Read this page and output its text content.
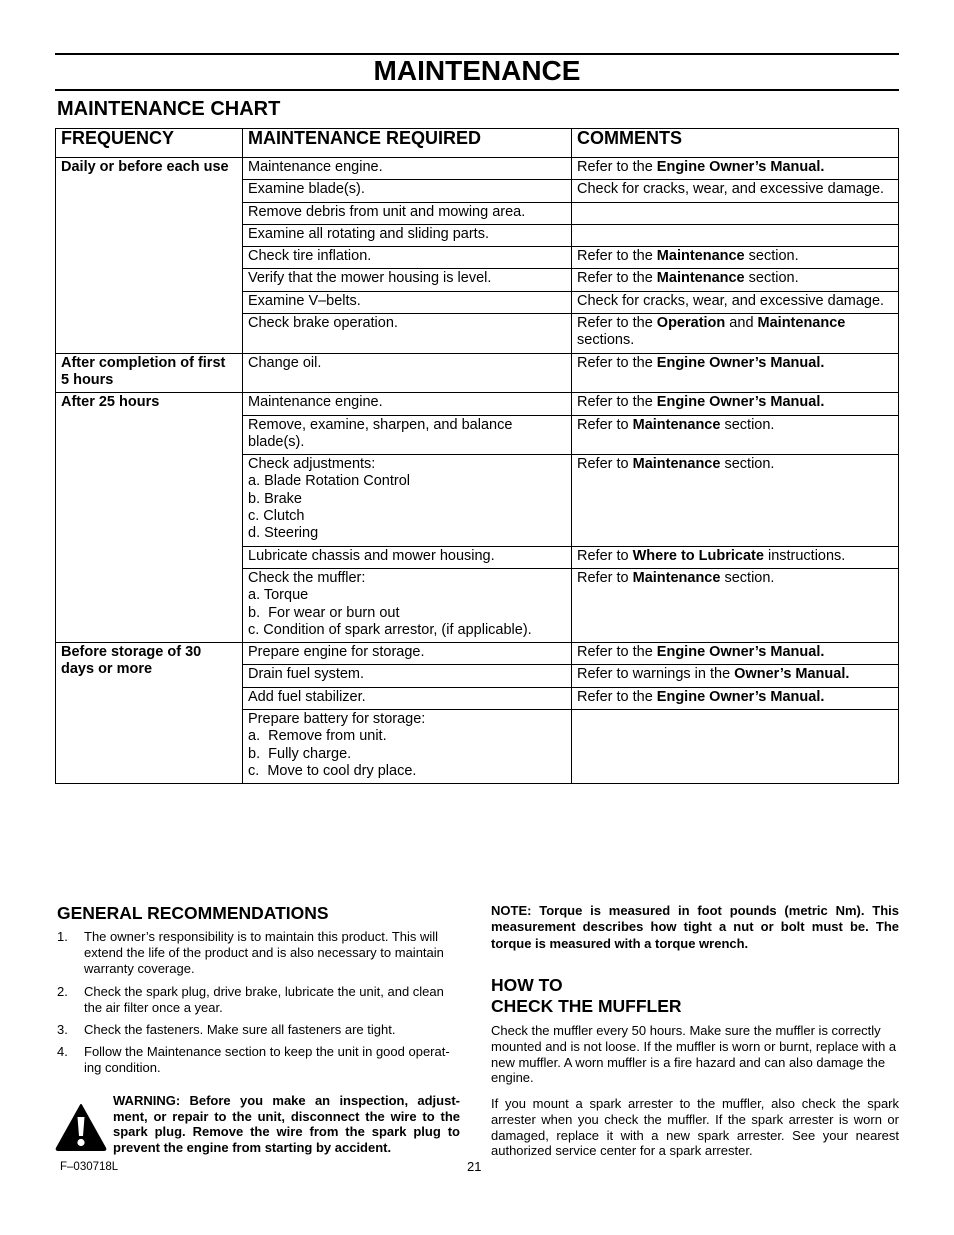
MAINTENANCE
MAINTENANCE CHART
FREQUENCY	MAINTENANCE REQUIRED	COMMENTS
Daily or before each use	Maintenance engine.	Refer to the Engine Owner’s Manual.
	Examine blade(s).	Check for cracks, wear, and excessive damage.
	Remove debris from unit and mowing area.	
	Examine all rotating and sliding parts.	
	Check tire inflation.	Refer to the Maintenance section.
	Verify that the mower housing is level.	Refer to the Maintenance section.
	Examine V–belts.	Check for cracks, wear, and excessive damage.
	Check brake operation.	Refer to the Operation and Maintenance sections.
After completion of first 5 hours	Change oil.	Refer to the Engine Owner’s Manual.
After 25 hours	Maintenance engine.	Refer to the Engine Owner’s Manual.
	Remove, examine, sharpen, and balance blade(s).	Refer to Maintenance section.
	Check adjustments:
a. Blade Rotation Control
b. Brake
c. Clutch
d. Steering	Refer to Maintenance section.
	Lubricate chassis and mower housing.	Refer to Where to Lubricate instructions.
	Check the muffler:
a. Torque
b.  For wear or burn out
c. Condition of spark arrestor, (if applicable).	Refer to Maintenance section.
Before storage of 30 days or more	Prepare engine for storage.	Refer to the Engine Owner’s Manual.
	Drain fuel system.	Refer to warnings in the Owner’s Manual.
	Add fuel stabilizer.	Refer to the Engine Owner’s Manual.
	Prepare battery for storage:
a.  Remove from unit.
b.  Fully charge.
c.  Move to cool dry place.	
GENERAL RECOMMENDATIONS
1. The owner’s responsibility is to maintain this product. This will extend the life of the product and is also necessary to maintain warranty coverage.
2. Check the spark plug, drive brake, lubricate the unit, and clean the air filter once a year.
3. Check the fasteners. Make sure all fasteners are tight.
4. Follow the Maintenance section to keep the unit in good operat- ing condition.
WARNING: Before you make an inspection, adjust- ment, or repair to the unit, disconnect the wire to the spark plug. Remove the wire from the spark plug to prevent the engine from starting by accident.
NOTE: Torque is measured in foot pounds (metric Nm). This measurement describes how tight a nut or bolt must be. The torque is measured with a torque wrench.
HOW TO
CHECK THE MUFFLER
Check the muffler every 50 hours. Make sure the muffler is correctly mounted and is not loose. If the muffler is worn or burnt, replace with a new muffler. A worn muffler is a fire hazard and can also damage the engine.
If you mount a spark arrester to the muffler, also check the spark arrester when you check the muffler. If the spark arrester is worn or damaged, replace it with a new spark arrester. See your nearest authorized service center for a spark arrester.
F–030718L	21
